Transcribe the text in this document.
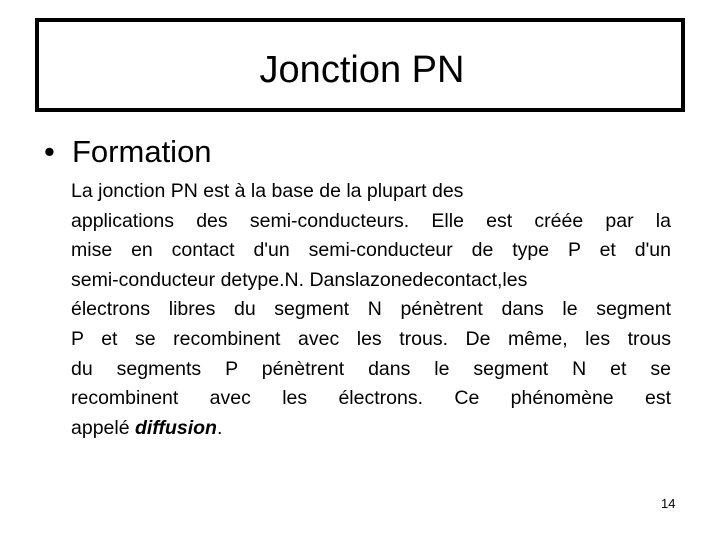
Jonction PN
• Formation
La jonction PN est à la base de la plupart des
applications des semi-conducteurs. Elle est créée par la
mise en contact d'un semi-conducteur de type P et d'un
semi-conducteur detype.N. Danslazonedecontact,les
électrons libres du segment N pénètrent dans le segment
P et se recombinent avec les trous. De même, les trous
du segments P pénètrent dans le segment N et se
recombinent avec les électrons. Ce phénomène est
appelé diffusion.
14
